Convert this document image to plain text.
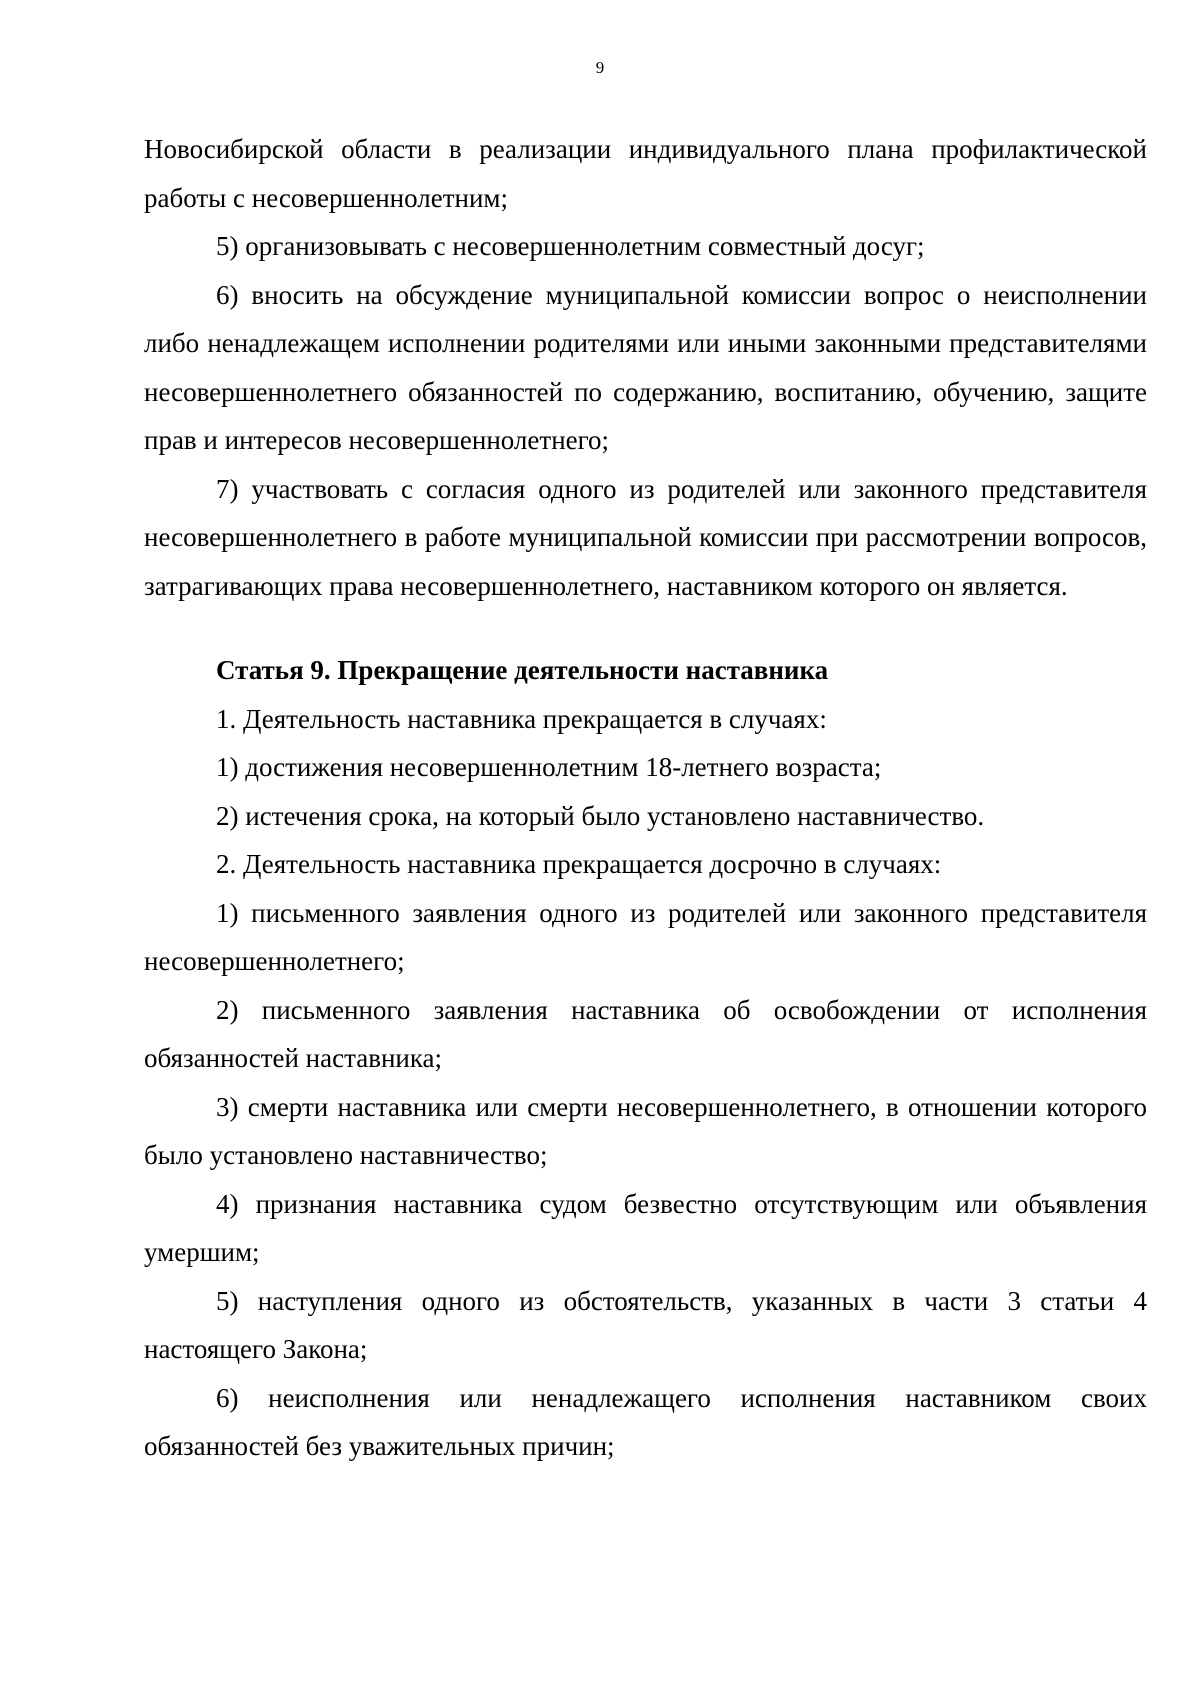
9

Новосибирской области в реализации индивидуального плана профилактической работы с несовершеннолетним;

5) организовывать с несовершеннолетним совместный досуг;

6) вносить на обсуждение муниципальной комиссии вопрос о неисполнении либо ненадлежащем исполнении родителями или иными законными представителями несовершеннолетнего обязанностей по содержанию, воспитанию, обучению, защите прав и интересов несовершеннолетнего;

7) участвовать с согласия одного из родителей или законного представителя несовершеннолетнего в работе муниципальной комиссии при рассмотрении вопросов, затрагивающих права несовершеннолетнего, наставником которого он является.

Статья 9. Прекращение деятельности наставника

1. Деятельность наставника прекращается в случаях:

1) достижения несовершеннолетним 18-летнего возраста;

2) истечения срока, на который было установлено наставничество.

2. Деятельность наставника прекращается досрочно в случаях:

1) письменного заявления одного из родителей или законного представителя несовершеннолетнего;

2) письменного заявления наставника об освобождении от исполнения обязанностей наставника;

3) смерти наставника или смерти несовершеннолетнего, в отношении которого было установлено наставничество;

4) признания наставника судом безвестно отсутствующим или объявления умершим;

5) наступления одного из обстоятельств, указанных в части 3 статьи 4 настоящего Закона;

6) неисполнения или ненадлежащего исполнения наставником своих обязанностей без уважительных причин;
